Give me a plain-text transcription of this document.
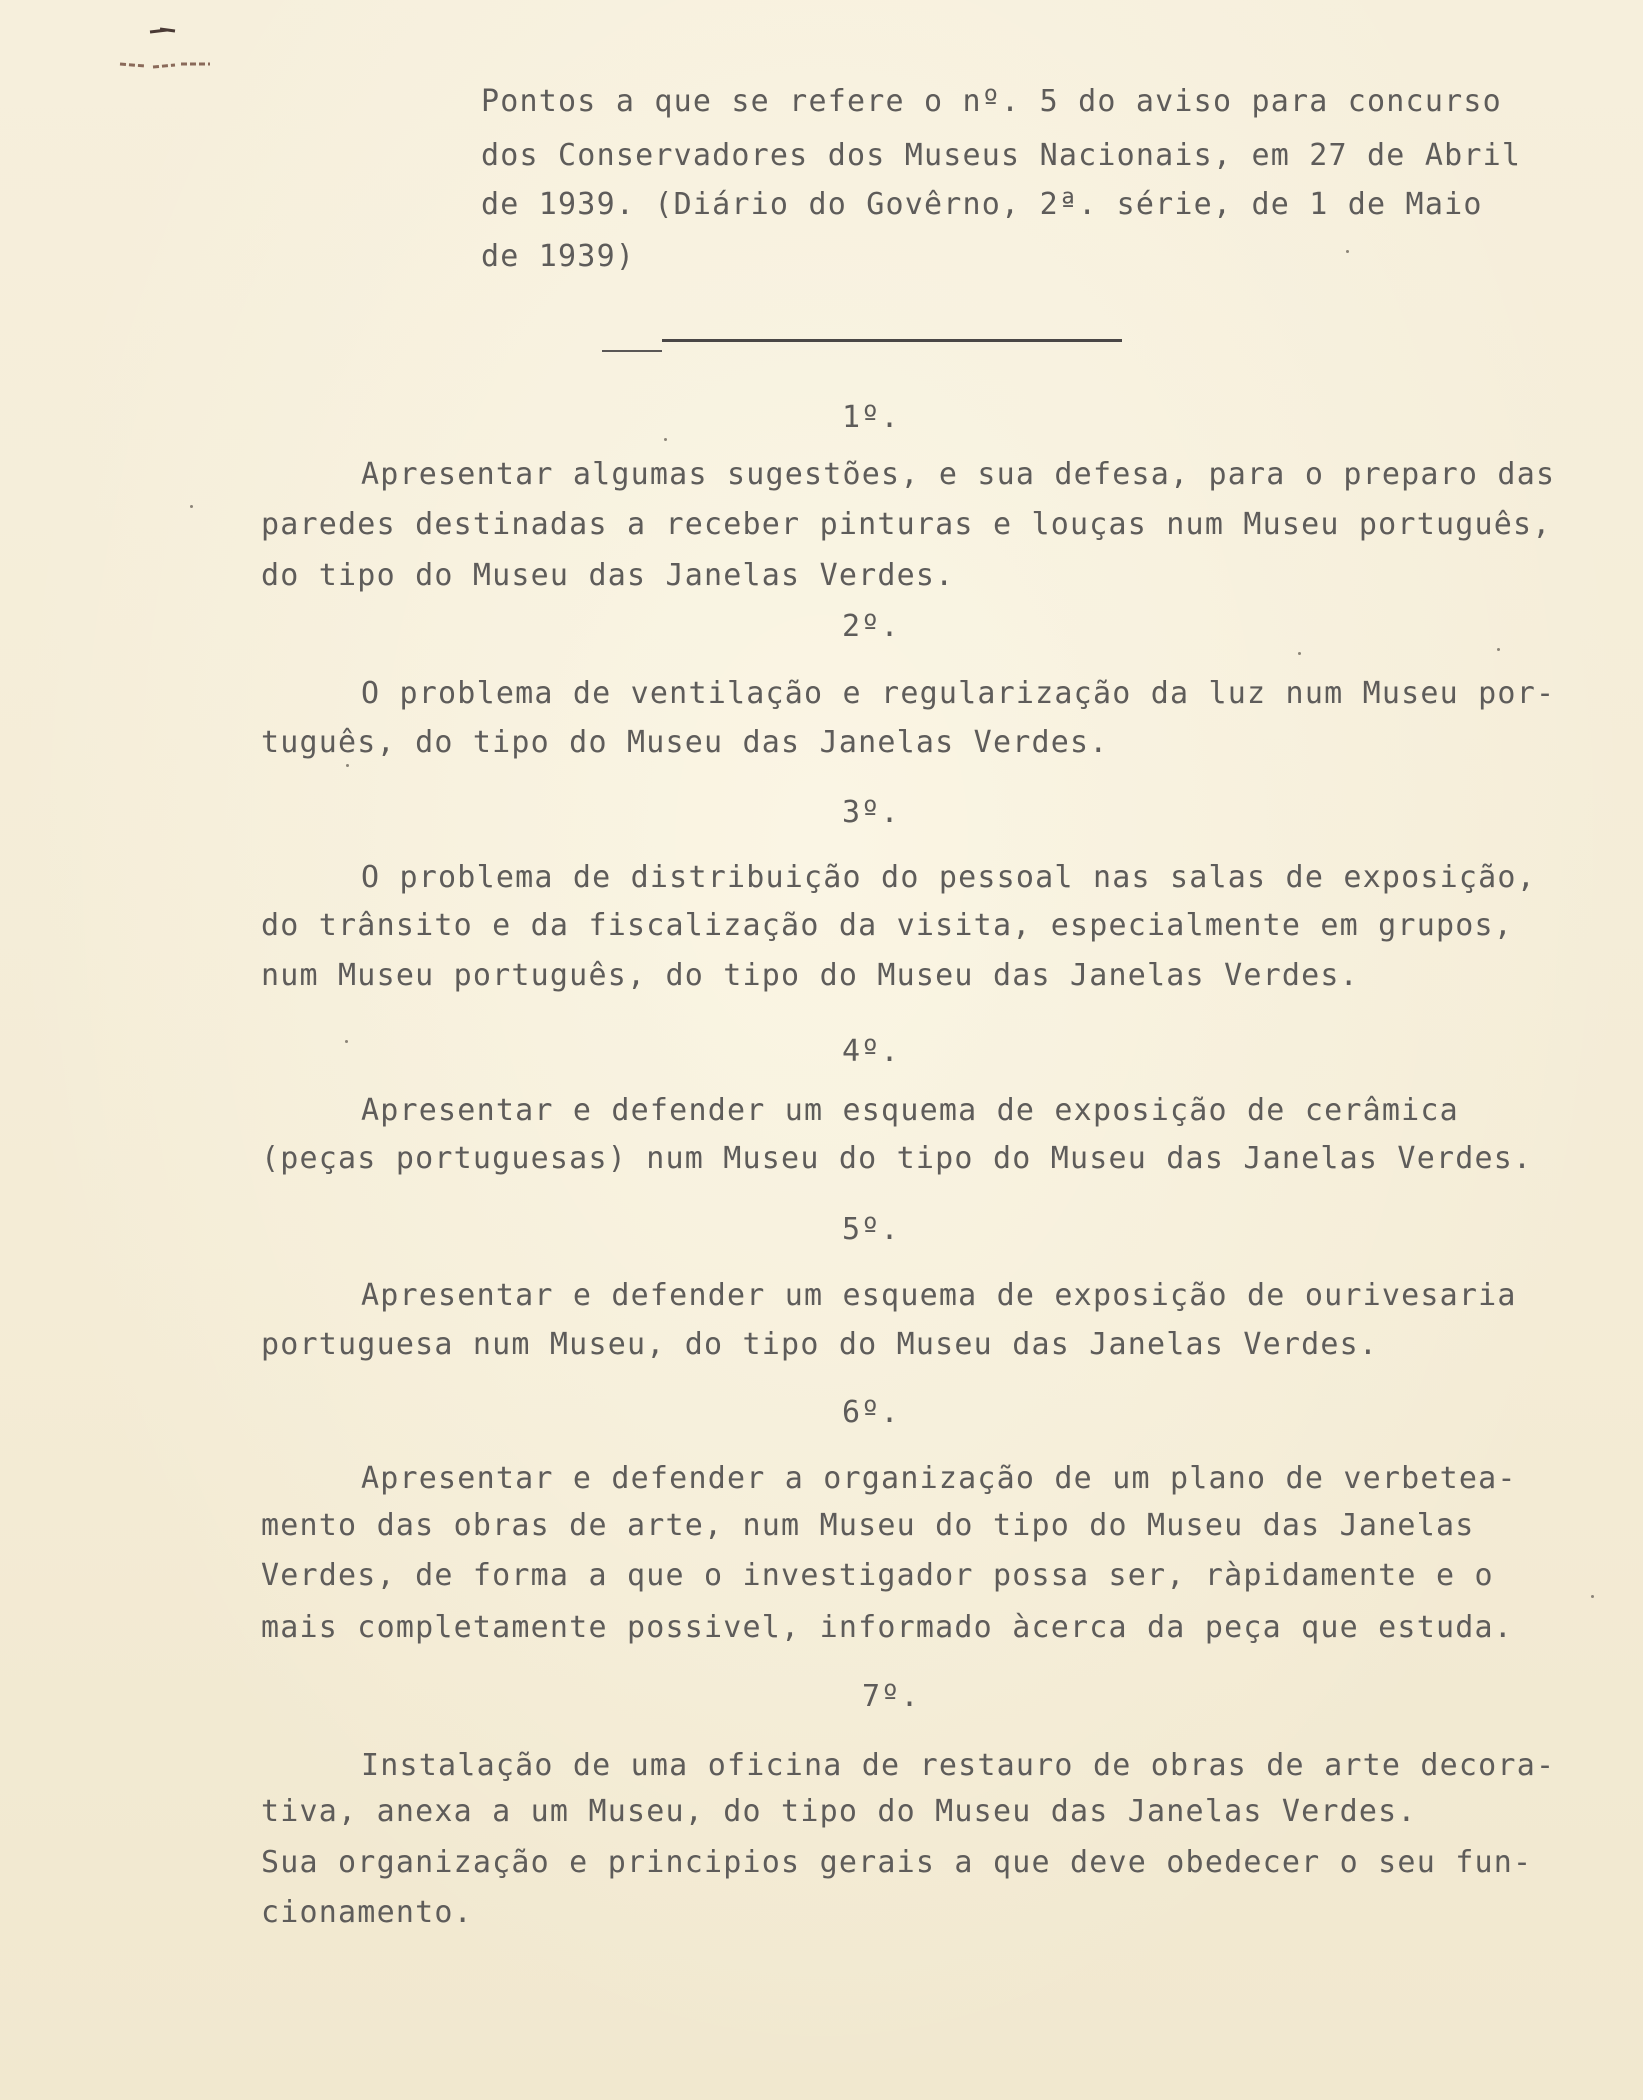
Pontos a que se refere o nº. 5 do aviso para concurso
dos Conservadores dos Museus Nacionais, em 27 de Abril
de 1939. (Diário do Govêrno, 2ª. série, de 1 de Maio
de 1939)
1º.
Apresentar algumas sugestões, e sua defesa, para o preparo das
paredes destinadas a receber pinturas e louças num Museu português,
do tipo do Museu das Janelas Verdes.
2º.
O problema de ventilação e regularização da luz num Museu por-
tuguês, do tipo do Museu das Janelas Verdes.
3º.
O problema de distribuição do pessoal nas salas de exposição,
do trânsito e da fiscalização da visita, especialmente em grupos,
num Museu português, do tipo do Museu das Janelas Verdes.
4º.
Apresentar e defender um esquema de exposição de cerâmica
(peças portuguesas) num Museu do tipo do Museu das Janelas Verdes.
5º.
Apresentar e defender um esquema de exposição de ourivesaria
portuguesa num Museu, do tipo do Museu das Janelas Verdes.
6º.
Apresentar e defender a organização de um plano de verbetea-
mento das obras de arte, num Museu do tipo do Museu das Janelas
Verdes, de forma a que o investigador possa ser, ràpidamente e o
mais completamente possivel, informado àcerca da peça que estuda.
7º.
Instalação de uma oficina de restauro de obras de arte decora-
tiva, anexa a um Museu, do tipo do Museu das Janelas Verdes.
Sua organização e principios gerais a que deve obedecer o seu fun-
cionamento.
